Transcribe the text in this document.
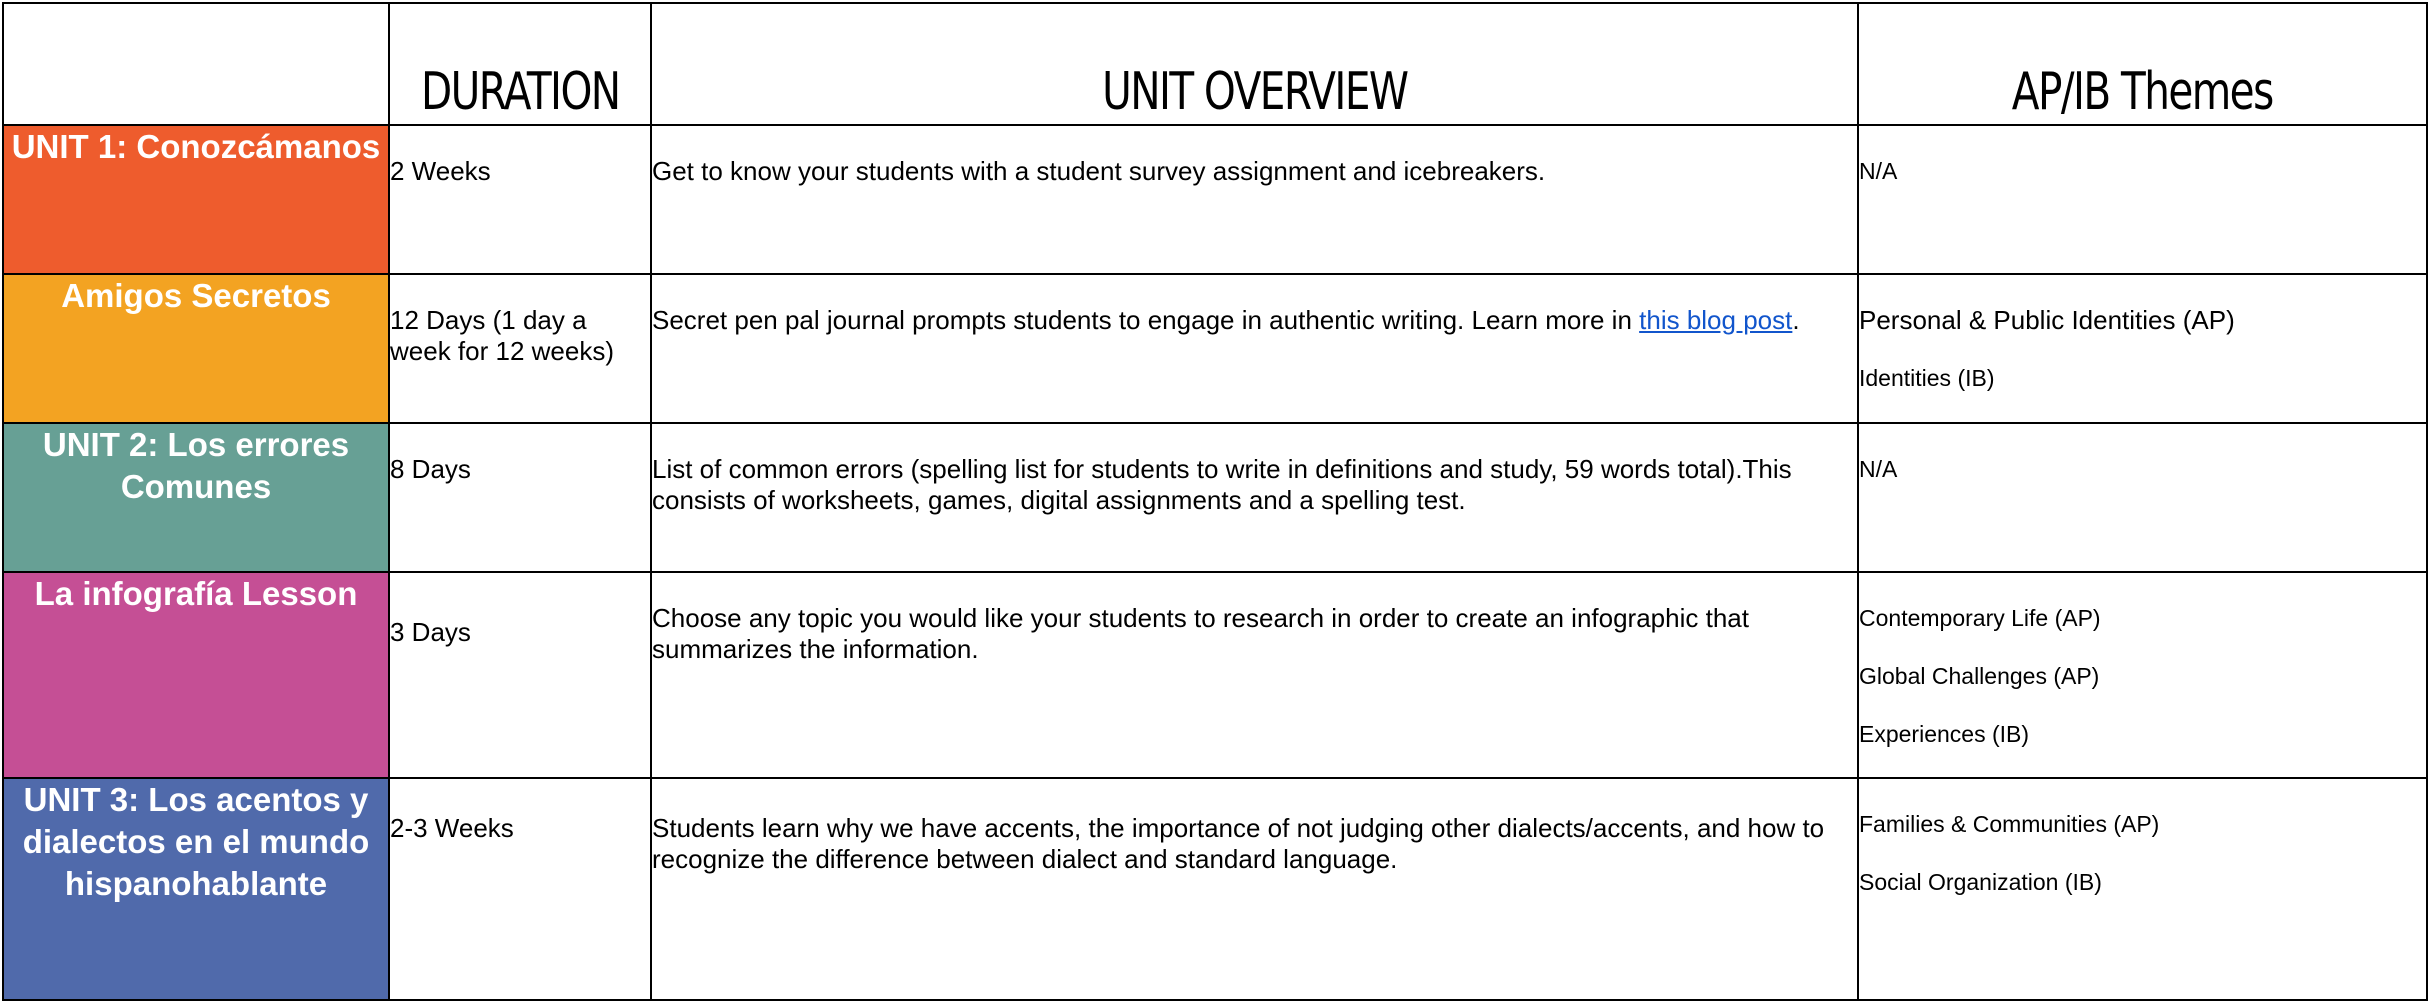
	DURATION	UNIT OVERVIEW	AP/IB Themes
UNIT 1: Conozcámanos	2 Weeks	Get to know your students with a student survey assignment and icebreakers.	N/A

Amigos Secretos	12 Days (1 day a week for 12 weeks)	Secret pen pal journal prompts students to engage in authentic writing. Learn more in this blog post.	Personal & Public Identities (AP)
Identities (IB)

UNIT 2: Los errores Comunes	8 Days	List of common errors (spelling list for students to write in definitions and study, 59 words total).This consists of worksheets, games, digital assignments and a spelling test.	N/A

La infografía Lesson	3 Days	Choose any topic you would like your students to research in order to create an infographic that summarizes the information.	Contemporary Life (AP)
Global Challenges (AP)
Experiences (IB)

UNIT 3: Los acentos y dialectos en el mundo hispanohablante	2-3 Weeks	Students learn why we have accents, the importance of not judging other dialects/accents, and how to recognize the difference between dialect and standard language.	Families & Communities (AP)
Social Organization (IB)
